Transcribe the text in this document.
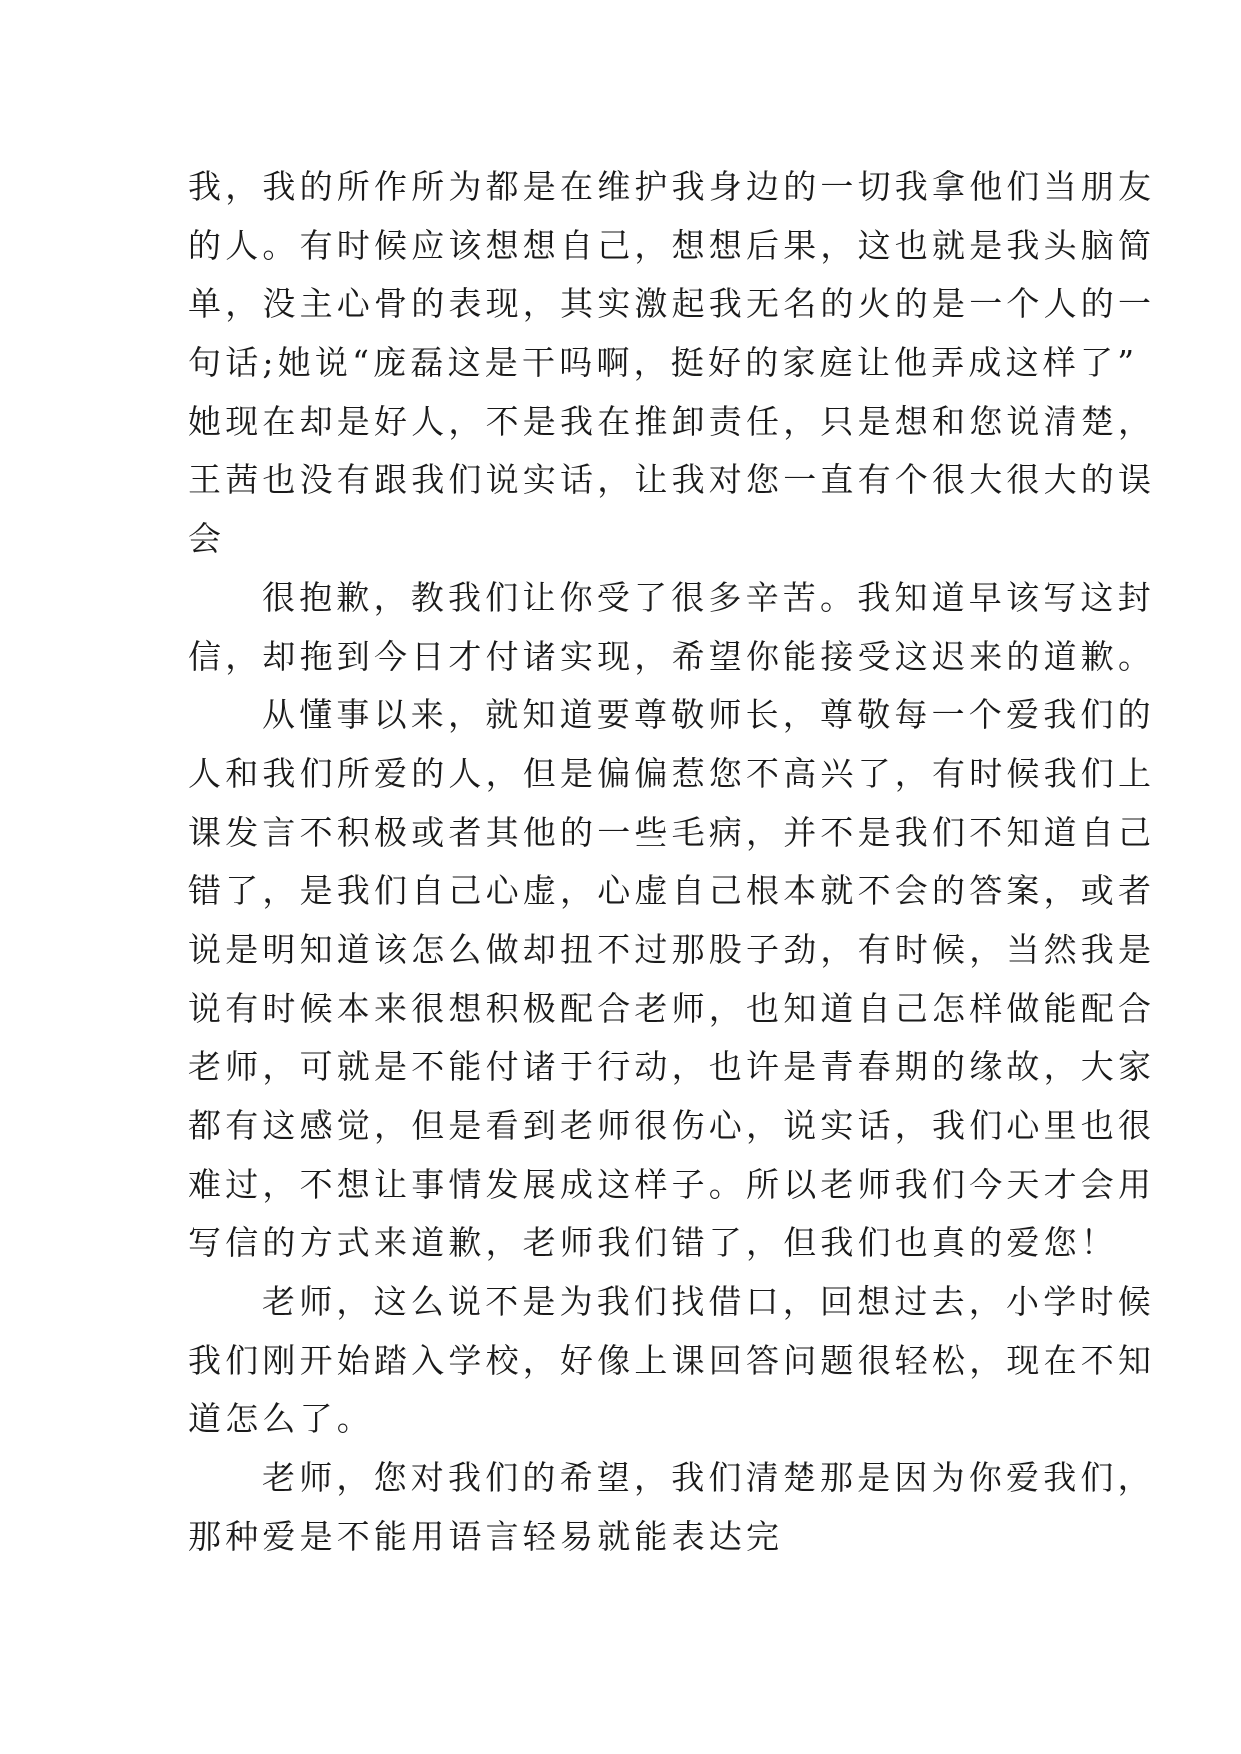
我，我的所作所为都是在维护我身边的一切我拿他们当朋友
的人。有时候应该想想自己，想想后果，这也就是我头脑简
单，没主心骨的表现，其实激起我无名的火的是一个人的一
句话;她说“庞磊这是干吗啊，挺好的家庭让他弄成这样了”
她现在却是好人，不是我在推卸责任，只是想和您说清楚，
王茜也没有跟我们说实话，让我对您一直有个很大很大的误
会
很抱歉，教我们让你受了很多辛苦。我知道早该写这封
信，却拖到今日才付诸实现，希望你能接受这迟来的道歉。
从懂事以来，就知道要尊敬师长，尊敬每一个爱我们的
人和我们所爱的人，但是偏偏惹您不高兴了，有时候我们上
课发言不积极或者其他的一些毛病，并不是我们不知道自己
错了，是我们自己心虚，心虚自己根本就不会的答案，或者
说是明知道该怎么做却扭不过那股子劲，有时候，当然我是
说有时候本来很想积极配合老师，也知道自己怎样做能配合
老师，可就是不能付诸于行动，也许是青春期的缘故，大家
都有这感觉，但是看到老师很伤心，说实话，我们心里也很
难过，不想让事情发展成这样子。所以老师我们今天才会用
写信的方式来道歉，老师我们错了，但我们也真的爱您！
老师，这么说不是为我们找借口，回想过去，小学时候
我们刚开始踏入学校，好像上课回答问题很轻松，现在不知
道怎么了。
老师，您对我们的希望，我们清楚那是因为你爱我们，
那种爱是不能用语言轻易就能表达完
